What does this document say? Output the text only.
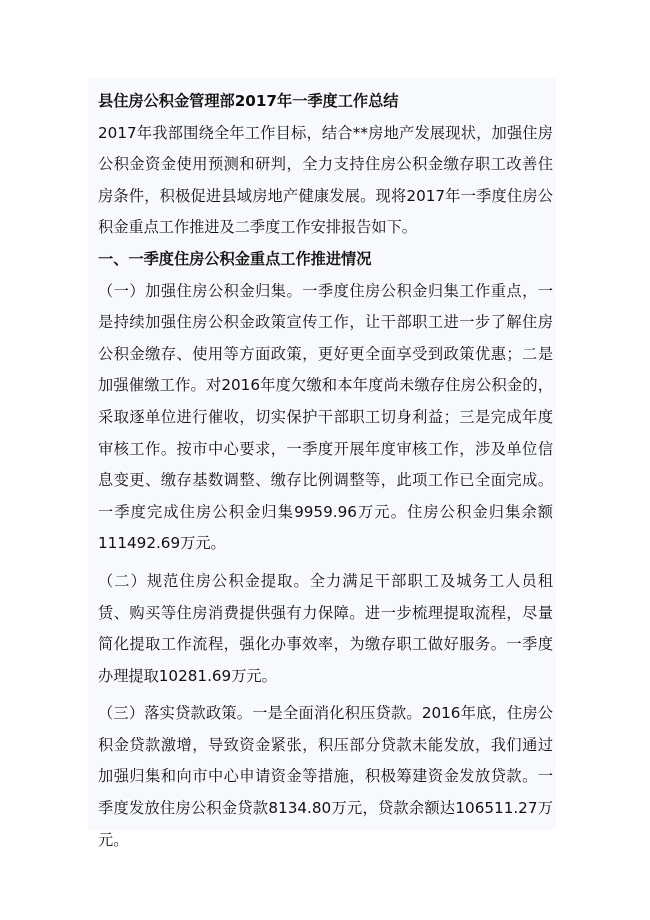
县住房公积金管理部2017年一季度工作总结

2017年我部围绕全年工作目标，结合**房地产发展现状，加强住房公积金资金使用预测和研判，全力支持住房公积金缴存职工改善住房条件，积极促进县域房地产健康发展。现将2017年一季度住房公积金重点工作推进及二季度工作安排报告如下。

一、一季度住房公积金重点工作推进情况

（一）加强住房公积金归集。一季度住房公积金归集工作重点，一是持续加强住房公积金政策宣传工作，让干部职工进一步了解住房公积金缴存、使用等方面政策，更好更全面享受到政策优惠；二是加强催缴工作。对2016年度欠缴和本年度尚未缴存住房公积金的，采取逐单位进行催收，切实保护干部职工切身利益；三是完成年度审核工作。按市中心要求，一季度开展年度审核工作，涉及单位信息变更、缴存基数调整、缴存比例调整等，此项工作已全面完成。一季度完成住房公积金归集9959.96万元。住房公积金归集余额111492.69万元。

（二）规范住房公积金提取。全力满足干部职工及城务工人员租赁、购买等住房消费提供强有力保障。进一步梳理提取流程，尽量简化提取工作流程，强化办事效率，为缴存职工做好服务。一季度办理提取10281.69万元。

（三）落实贷款政策。一是全面消化积压贷款。2016年底，住房公积金贷款激增，导致资金紧张，积压部分贷款未能发放，我们通过加强归集和向市中心申请资金等措施，积极筹建资金发放贷款。一季度发放住房公积金贷款8134.80万元，贷款余额达106511.27万元。
